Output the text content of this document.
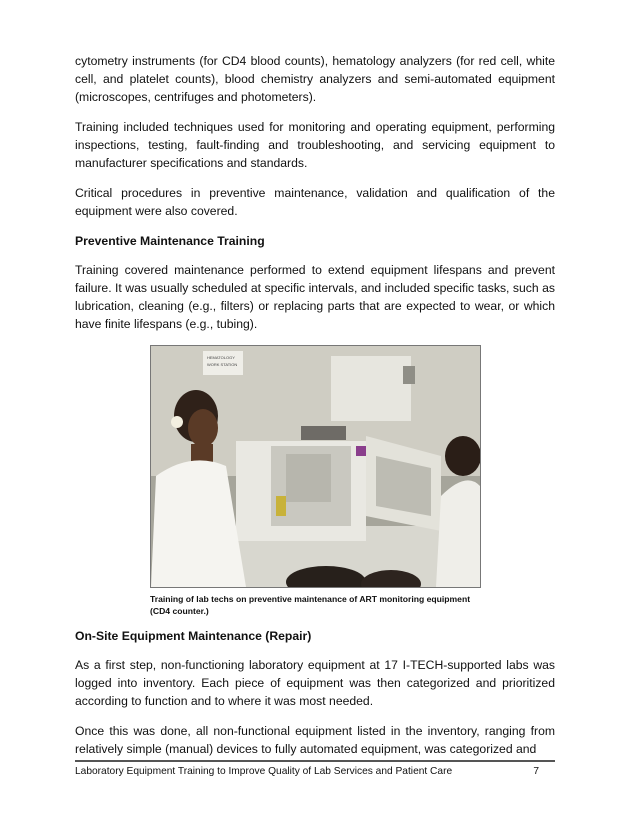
cytometry instruments (for CD4 blood counts), hematology analyzers (for red cell, white cell, and platelet counts), blood chemistry analyzers and semi-automated equipment (microscopes, centrifuges and photometers).

Training included techniques used for monitoring and operating equipment, performing inspections, testing, fault-finding and troubleshooting, and servicing equipment to manufacturer specifications and standards.

Critical procedures in preventive maintenance, validation and qualification of the equipment were also covered.

Preventive Maintenance Training

Training covered maintenance performed to extend equipment lifespans and prevent failure. It was usually scheduled at specific intervals, and included specific tasks, such as lubrication, cleaning (e.g., filters) or replacing parts that are expected to wear, or which have finite lifespans (e.g., tubing).

HEMATOLOGY
WORK STATION
Training of lab techs on preventive maintenance of ART monitoring equipment
(CD4 counter.)
On-Site Equipment Maintenance (Repair)

As a first step, non-functioning laboratory equipment at 17 I-TECH-supported labs was logged into inventory. Each piece of equipment was then categorized and prioritized according to function and to where it was most needed.

Once this was done, all non-functional equipment listed in the inventory, ranging from relatively simple (manual) devices to fully automated equipment, was categorized and

Laboratory Equipment Training to Improve Quality of Lab Services and Patient Care	7
